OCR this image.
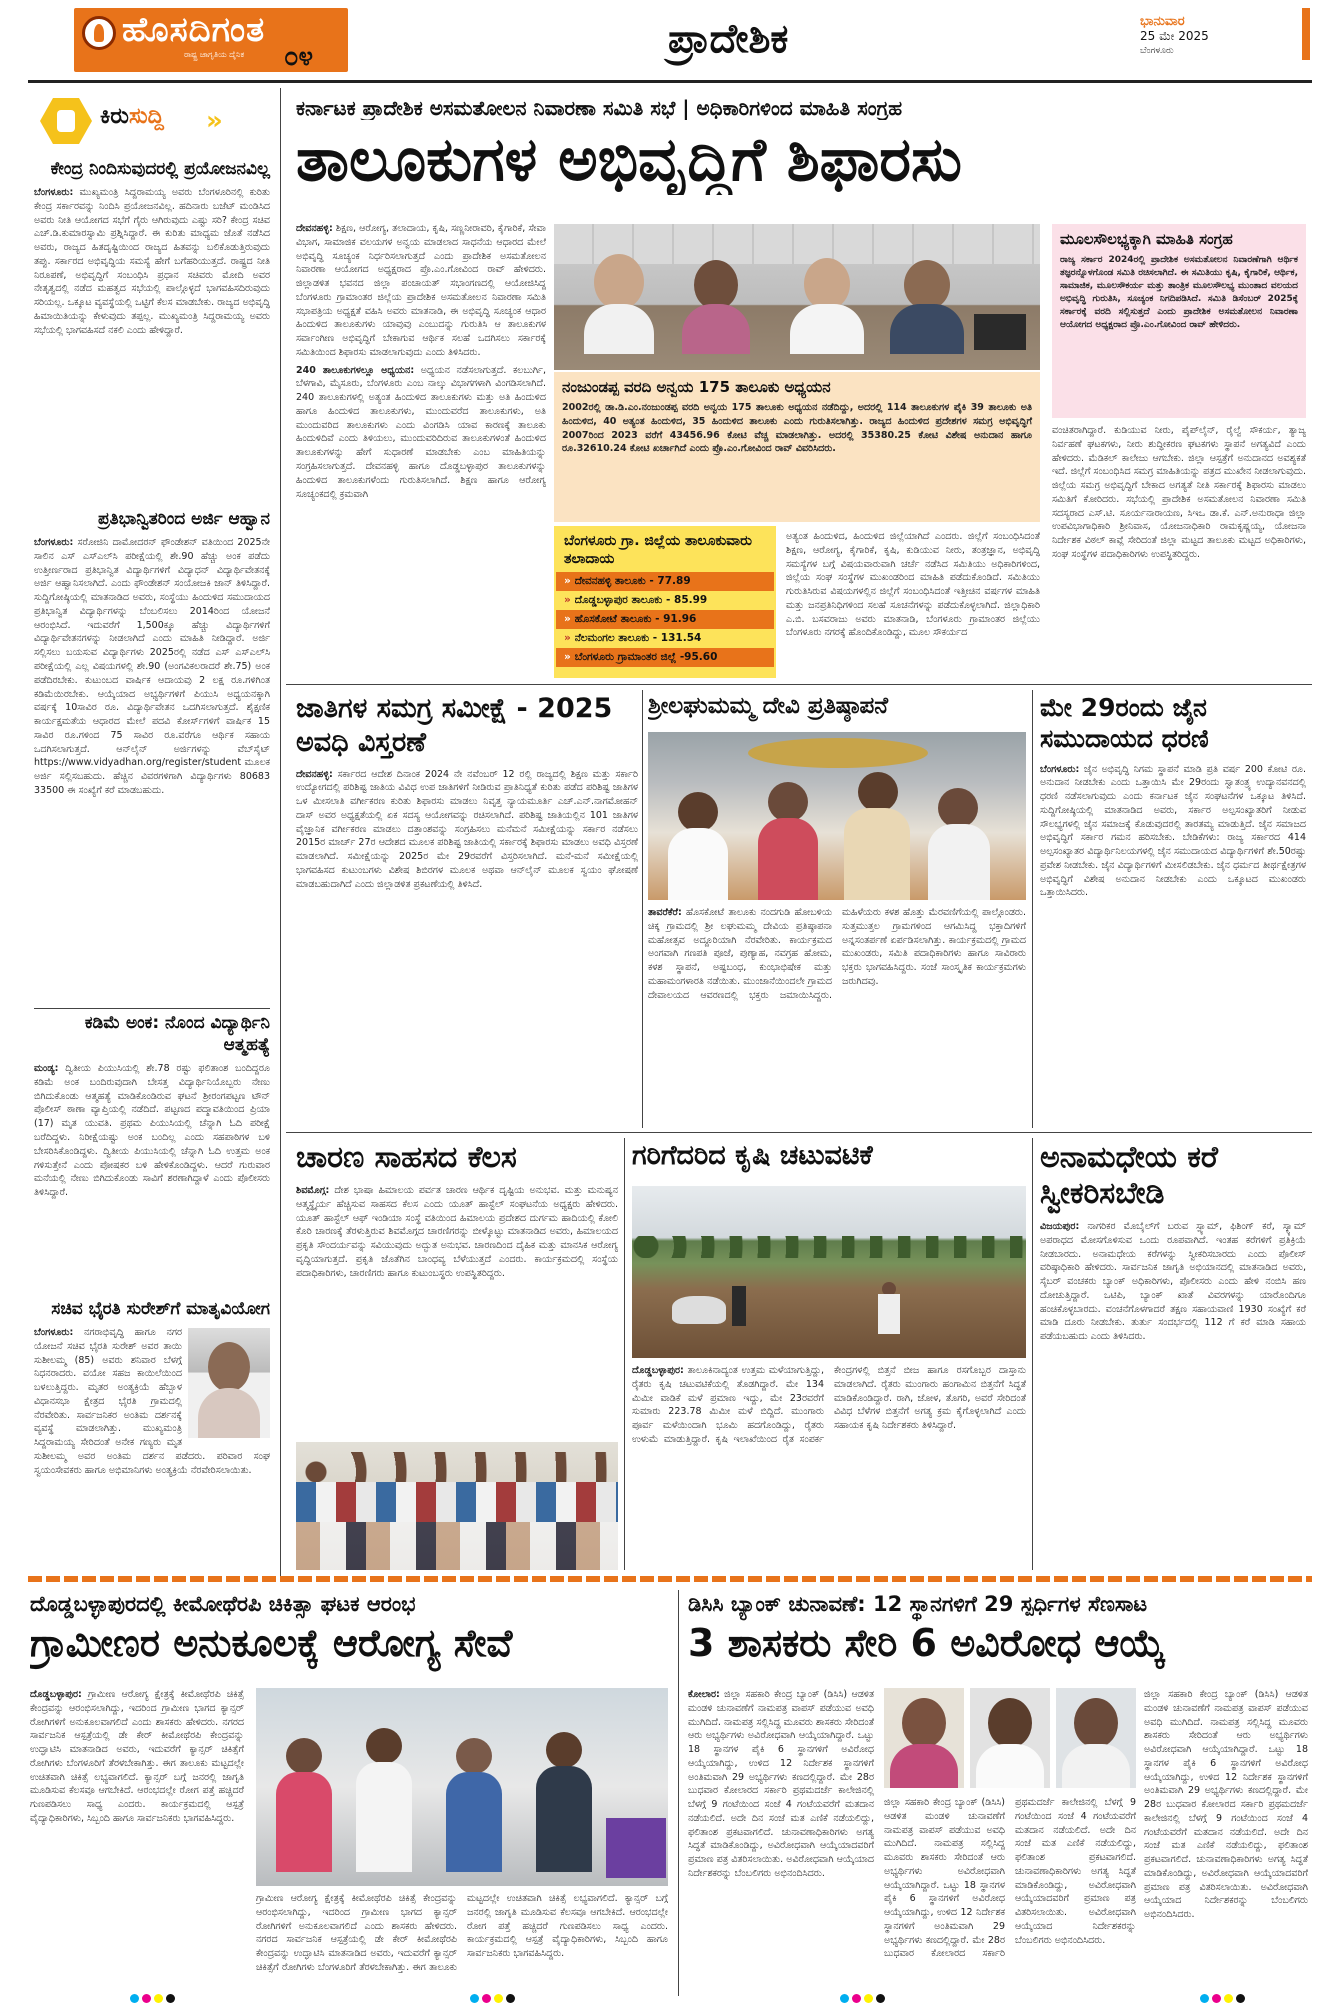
ಹೊಸದಿಗಂತ
ರಾಷ್ಟ್ರ ಜಾಗೃತಿಯ ದೈನಿಕ ೦೪	ಪ್ರಾದೇಶಿಕ	ಭಾನುವಾರ
25 ಮೇ 2025
ಬೆಂಗಳೂರು
ಕಿರುಸುದ್ದಿ »
ಕೇಂದ್ರ ನಿಂದಿಸುವುದರಲ್ಲಿ ಪ್ರಯೋಜನವಿಲ್ಲ
ಬೆಂಗಳೂರು: ಮುಖ್ಯಮಂತ್ರಿ ಸಿದ್ದರಾಮಯ್ಯ ಅವರು ಬೆಂಗಳೂರಿನಲ್ಲಿ ಕುರಿತು ಕೇಂದ್ರ ಸರ್ಕಾರವನ್ನು ನಿಂದಿಸಿ ಪ್ರಯೋಜನವಿಲ್ಲ. ಹದಿನಾರು ಬಜೆಟ್ ಮಂಡಿಸಿದ ಅವರು ನೀತಿ ಆಯೋಗದ ಸಭೆಗೆ ಗೈರು ಆಗಿರುವುದು ಎಷ್ಟು ಸರಿ? ಕೇಂದ್ರ ಸಚಿವ ಎಚ್.ಡಿ.ಕುಮಾರಸ್ವಾಮಿ ಪ್ರಶ್ನಿಸಿದ್ದಾರೆ. ಈ ಕುರಿತು ಮಾಧ್ಯಮ ಜೊತೆ ನಡೆಸಿದ ಅವರು, ರಾಜ್ಯದ ಹಿತದೃಷ್ಟಿಯಿಂದ ರಾಜ್ಯದ ಹಿತವನ್ನು ಬಲಿಕೊಡುತ್ತಿರುವುದು ತಪ್ಪು. ಸರ್ಕಾರದ ಅಭಿವೃದ್ಧಿಯ ಸಮಸ್ಯೆ ಹೇಗೆ ಬಗೆಹರಿಯುತ್ತದೆ. ರಾಷ್ಟ್ರದ ನೀತಿ ನಿರೂಪಣೆ, ಅಭಿವೃದ್ಧಿಗೆ ಸಂಬಂಧಿಸಿ ಪ್ರಧಾನ ಸಚಿವರು ಮೋದಿ ಅವರ ನೇತೃತ್ವದಲ್ಲಿ ನಡೆದ ಮಹತ್ವದ ಸಭೆಯಲ್ಲಿ ಪಾಲ್ಗೊಳ್ಳದೆ ಭಾಗವಹಿಸದಿರುವುದು ಸರಿಯಲ್ಲ. ಒಕ್ಕೂಟ ವ್ಯವಸ್ಥೆಯಲ್ಲಿ ಒಟ್ಟಿಗೆ ಕೆಲಸ ಮಾಡಬೇಕು. ರಾಜ್ಯದ ಅಭಿವೃದ್ಧಿ ಹಿಮಾಯಿತಿಯನ್ನು ಕೇಳುವುದು ತಪ್ಪಲ್ಲ. ಮುಖ್ಯಮಂತ್ರಿ ಸಿದ್ದರಾಮಯ್ಯ ಅವರು ಸಭೆಯಲ್ಲಿ ಭಾಗವಹಿಸದೆ ನಕಲಿ ಎಂದು ಹೇಳಿದ್ದಾರೆ.
ಪ್ರತಿಭಾನ್ವಿತರಿಂದ ಅರ್ಜಿ ಆಹ್ವಾನ
ಬೆಂಗಳೂರು: ಸರೋಜಿನಿ ದಾಮೋದರನ್ ಫೌಂಡೇಶನ್ ವತಿಯಿಂದ 2025ನೇ ಸಾಲಿನ ಎಸ್ ಎಸ್ಎಲ್‌ಸಿ ಪರೀಕ್ಷೆಯಲ್ಲಿ ಶೇ.90 ಹೆಚ್ಚು ಅಂಕ ಪಡೆದು ಉತ್ತೀರ್ಣರಾದ ಪ್ರತಿಭಾನ್ವಿತ ವಿದ್ಯಾರ್ಥಿಗಳಿಗೆ ವಿದ್ಯಾಧನ್ ವಿದ್ಯಾರ್ಥಿವೇತನಕ್ಕೆ ಅರ್ಜಿ ಆಹ್ವಾನಿಸಲಾಗಿದೆ. ಎಂದು ಫೌಂಡೇಶನ್ ಸಂಯೋಜಕಿ ಜಾನ್ ತಿಳಿಸಿದ್ದಾರೆ. ಸುದ್ದಿಗೋಷ್ಠಿಯಲ್ಲಿ ಮಾತನಾಡಿದ ಅವರು, ಸಂಸ್ಥೆಯು ಹಿಂದುಳಿದ ಸಮುದಾಯದ ಪ್ರತಿಭಾನ್ವಿತ ವಿದ್ಯಾರ್ಥಿಗಳನ್ನು ಬೆಂಬಲಿಸಲು 2014ರಿಂದ ಯೋಜನೆ ಆರಂಭಿಸಿದೆ. ಇದುವರೆಗೆ 1,500ಕ್ಕೂ ಹೆಚ್ಚು ವಿದ್ಯಾರ್ಥಿಗಳಿಗೆ ವಿದ್ಯಾರ್ಥಿವೇತನಗಳನ್ನು ನೀಡಲಾಗಿದೆ ಎಂದು ಮಾಹಿತಿ ನೀಡಿದ್ದಾರೆ. ಅರ್ಜಿ ಸಲ್ಲಿಸಲು ಬಯಸುವ ವಿದ್ಯಾರ್ಥಿಗಳು 2025ರಲ್ಲಿ ನಡೆದ ಎಸ್ ಎಸ್ಎಲ್‌ಸಿ ಪರೀಕ್ಷೆಯಲ್ಲಿ ಎಲ್ಲ ವಿಷಯಗಳಲ್ಲಿ ಶೇ.90 (ಅಂಗವಿಕಲರಾದರೆ ಶೇ.75) ಅಂಕ ಪಡೆದಿರಬೇಕು. ಕುಟುಂಬದ ವಾರ್ಷಿಕ ಆದಾಯವು 2 ಲಕ್ಷ ರೂ.ಗಳಿಗಿಂತ ಕಡಿಮೆಯಿರಬೇಕು. ಆಯ್ಕೆಯಾದ ಅಭ್ಯರ್ಥಿಗಳಿಗೆ ಪಿಯುಸಿ ಅಧ್ಯಯನಕ್ಕಾಗಿ ವರ್ಷಕ್ಕೆ 10ಸಾವಿರ ರೂ. ವಿದ್ಯಾರ್ಥಿವೇತನ ಒದಗಿಸಲಾಗುತ್ತದೆ. ಶೈಕ್ಷಣಿಕ ಕಾರ್ಯಕ್ಷಮತೆಯ ಆಧಾರದ ಮೇಲೆ ಪದವಿ ಕೋರ್ಸ್‌ಗಳಿಗೆ ವಾರ್ಷಿಕ 15 ಸಾವಿರ ರೂ.ಗಳಿಂದ 75 ಸಾವಿರ ರೂ.ವರೆಗೂ ಆರ್ಥಿಕ ಸಹಾಯ ಒದಗಿಸಲಾಗುತ್ತದೆ. ಆನ್‌ಲೈನ್ ಅರ್ಜಿಗಳನ್ನು ವೆಬ್‌ಸೈಟ್ https://www.vidyadhan.org/register/student ಮೂಲಕ ಅರ್ಜಿ ಸಲ್ಲಿಸಬಹುದು. ಹೆಚ್ಚಿನ ವಿವರಗಳಿಗಾಗಿ ವಿದ್ಯಾರ್ಥಿಗಳು 80683 33500 ಈ ಸಂಖ್ಯೆಗೆ ಕರೆ ಮಾಡಬಹುದು.
ಕಡಿಮೆ ಅಂಕ: ನೊಂದ ವಿದ್ಯಾರ್ಥಿನಿ ಆತ್ಮಹತ್ಯೆ
ಮಂಡ್ಯ: ದ್ವಿತೀಯ ಪಿಯುಸಿಯಲ್ಲಿ ಶೇ.78 ರಷ್ಟು ಫಲಿತಾಂಶ ಬಂದಿದ್ದರೂ ಕಡಿಮೆ ಅಂಕ ಬಂದಿರುವುದಾಗಿ ಬೇಸತ್ತ ವಿದ್ಯಾರ್ಥಿನಿಯೊಬ್ಬರು ನೇಣು ಬಿಗಿದುಕೊಂಡು ಆತ್ಮಹತ್ಯೆ ಮಾಡಿಕೊಂಡಿರುವ ಘಟನೆ ಶ್ರೀರಂಗಪಟ್ಟಣ ಟೌನ್ ಪೊಲೀಸ್ ಠಾಣಾ ವ್ಯಾಪ್ತಿಯಲ್ಲಿ ನಡೆದಿದೆ. ಪಟ್ಟಣದ ಪದ್ಮಾವತಿಯಿಂದ ಪ್ರಿಯಾ (17) ಮೃತ ಯುವತಿ. ಪ್ರಥಮ ಪಿಯುಸಿಯಲ್ಲಿ ಚೆನ್ನಾಗಿ ಓದಿ ಪರೀಕ್ಷೆ ಬರೆದಿದ್ದಳು. ನಿರೀಕ್ಷೆಯಷ್ಟು ಅಂಕ ಬಂದಿಲ್ಲ ಎಂದು ಸಹಪಾಠಿಗಳ ಬಳಿ ಬೇಸರಿಸಿಕೊಂಡಿದ್ದಳು. ದ್ವಿತೀಯ ಪಿಯುಸಿಯಲ್ಲಿ ಚೆನ್ನಾಗಿ ಓದಿ ಉತ್ತಮ ಅಂಕ ಗಳಿಸುತ್ತೇನೆ ಎಂದು ಪೋಷಕರ ಬಳಿ ಹೇಳಿಕೊಂಡಿದ್ದಳು. ಆದರೆ ಗುರುವಾರ ಮನೆಯಲ್ಲಿ ನೇಣು ಬಿಗಿದುಕೊಂಡು ಸಾವಿಗೆ ಶರಣಾಗಿದ್ದಾಳೆ ಎಂದು ಪೊಲೀಸರು ತಿಳಿಸಿದ್ದಾರೆ.
ಸಚಿವ ಭೈರತಿ ಸುರೇಶ್‌ಗೆ ಮಾತೃವಿಯೋಗ
ಬೆಂಗಳೂರು: ನಗರಾಭಿವೃದ್ಧಿ ಹಾಗೂ ನಗರ ಯೋಜನೆ ಸಚಿವ ಭೈರತಿ ಸುರೇಶ್ ಅವರ ತಾಯಿ ಸುಶೀಲಮ್ಮ (85) ಅವರು ಶನಿವಾರ ಬೆಳಗ್ಗೆ ನಿಧನರಾದರು. ವಯೋ ಸಹಜ ಕಾಯಿಲೆಯಿಂದ ಬಳಲುತ್ತಿದ್ದರು. ಮೃತರ ಅಂತ್ಯಕ್ರಿಯೆ ಹೆಬ್ಬಾಳ ವಿಧಾನಸಭಾ ಕ್ಷೇತ್ರದ ಭೈರತಿ ಗ್ರಾಮದಲ್ಲಿ ನೆರವೇರಿತು. ಸಾರ್ವಜನಿಕರ ಅಂತಿಮ ದರ್ಶನಕ್ಕೆ ವ್ಯವಸ್ಥೆ ಮಾಡಲಾಗಿತ್ತು. ಮುಖ್ಯಮಂತ್ರಿ ಸಿದ್ದರಾಮಯ್ಯ ಸೇರಿದಂತೆ ಅನೇಕ ಗಣ್ಯರು ಮೃತ ಸುಶೀಲಮ್ಮ ಅವರ ಅಂತಿಮ ದರ್ಶನ ಪಡೆದರು. ಪರಿವಾರ ಸಂಘ ಸ್ವಯಂಸೇವಕರು ಹಾಗೂ ಅಭಿಮಾನಿಗಳು ಅಂತ್ಯಕ್ರಿಯೆ ನೆರವೇರಿಸಲಾಯಿತು.
ಕರ್ನಾಟಕ ಪ್ರಾದೇಶಿಕ ಅಸಮತೋಲನ ನಿವಾರಣಾ ಸಮಿತಿ ಸಭೆ | ಅಧಿಕಾರಿಗಳಿಂದ ಮಾಹಿತಿ ಸಂಗ್ರಹ
ತಾಲೂಕುಗಳ ಅಭಿವೃದ್ಧಿಗೆ ಶಿಫಾರಸು
ದೇವನಹಳ್ಳಿ: ಶಿಕ್ಷಣ, ಆರೋಗ್ಯ, ತಲಾದಾಯ, ಕೃಷಿ, ಸಣ್ಣನೀರಾವರಿ, ಕೈಗಾರಿಕೆ, ಸೇವಾ ವಿಭಾಗ, ಸಾಮಾಜಿಕ ವಲಯಗಳ ಅನ್ವಯ ಮಾಡಲಾದ ಸಾಧನೆಯ ಆಧಾರದ ಮೇಲೆ ಅಭಿವೃದ್ಧಿ ಸೂಚ್ಯಂಕ ನಿರ್ಧರಿಸಲಾಗುತ್ತದೆ ಎಂದು ಪ್ರಾದೇಶಿಕ ಅಸಮತೋಲನ ನಿವಾರಣಾ ಆಯೋಗದ ಅಧ್ಯಕ್ಷರಾದ ಪ್ರೊ.ಎಂ.ಗೋವಿಂದ ರಾವ್ ಹೇಳಿದರು. ಜಿಲ್ಲಾಡಳಿತ ಭವನದ ಜಿಲ್ಲಾ ಪಂಚಾಯತ್ ಸಭಾಂಗಣದಲ್ಲಿ ಆಯೋಜಿಸಿದ್ದ ಬೆಂಗಳೂರು ಗ್ರಾಮಾಂತರ ಜಿಲ್ಲೆಯ ಪ್ರಾದೇಶಿಕ ಅಸಮತೋಲನ ನಿವಾರಣಾ ಸಮಿತಿ ಸಭಾಪತ್ರಿಯ ಅಧ್ಯಕ್ಷತೆ ವಹಿಸಿ ಅವರು ಮಾತನಾಡಿ, ಈ ಅಭಿವೃದ್ಧಿ ಸೂಚ್ಯಂಕ ಆಧಾರ ಹಿಂದುಳಿದ ತಾಲೂಕುಗಳು ಯಾವುವು ಎಂಬುದನ್ನು ಗುರುತಿಸಿ ಆ ತಾಲೂಕುಗಳ ಸರ್ವಾಂಗೀಣ ಅಭಿವೃದ್ಧಿಗೆ ಬೇಕಾಗುವ ಆರ್ಥಿಕ ಸಲಹೆ ಒದಗಿಸಲು ಸರ್ಕಾರಕ್ಕೆ ಸಮಿತಿಯಿಂದ ಶಿಫಾರಸು ಮಾಡಲಾಗುವುದು ಎಂದು ತಿಳಿಸಿದರು.
240 ತಾಲೂಕುಗಳಲ್ಲೂ ಅಧ್ಯಯನ: ಅಧ್ಯಯನ ನಡೆಸಲಾಗುತ್ತದೆ. ಕಲಬುರ್ಗಿ, ಬೆಳಗಾವಿ, ಮೈಸೂರು, ಬೆಂಗಳೂರು ಎಂಬ ನಾಲ್ಕು ವಿಭಾಗಗಳಾಗಿ ವಿಂಗಡಿಸಲಾಗಿದೆ. 240 ತಾಲೂಕುಗಳಲ್ಲಿ ಅತ್ಯಂತ ಹಿಂದುಳಿದ ತಾಲೂಕುಗಳು ಮತ್ತು ಅತಿ ಹಿಂದುಳಿದ ಹಾಗೂ ಹಿಂದುಳಿದ ತಾಲೂಕುಗಳು, ಮುಂದುವರೆದ ತಾಲೂಕುಗಳು, ಅತಿ ಮುಂದುವರಿದ ತಾಲೂಕುಗಳು ಎಂದು ವಿಂಗಡಿಸಿ ಯಾವ ಕಾರಣಕ್ಕೆ ತಾಲೂಕು ಹಿಂದುಳಿದಿವೆ ಎಂದು ತಿಳಿಯಲು, ಮುಂದುವರಿದಿರುವ ತಾಲೂಕುಗಳಂತೆ ಹಿಂದುಳಿದ ತಾಲೂಕುಗಳನ್ನು ಹೇಗೆ ಸುಧಾರಣೆ ಮಾಡಬೇಕು ಎಂಬ ಮಾಹಿತಿಯನ್ನು ಸಂಗ್ರಹಿಸಲಾಗುತ್ತದೆ. ದೇವನಹಳ್ಳಿ ಹಾಗೂ ದೊಡ್ಡಬಳ್ಳಾಪುರ ತಾಲೂಕುಗಳನ್ನು ಹಿಂದುಳಿದ ತಾಲೂಕುಗಳೆಂದು ಗುರುತಿಸಲಾಗಿದೆ. ಶಿಕ್ಷಣ ಹಾಗೂ ಆರೋಗ್ಯ ಸೂಚ್ಯಂಕದಲ್ಲಿ ಕ್ರಮವಾಗಿ
ನಂಜುಂಡಪ್ಪ ವರದಿ ಅನ್ವಯ 175 ತಾಲೂಕು ಅಧ್ಯಯನ
2002ರಲ್ಲಿ ಡಾ.ಡಿ.ಎಂ.ನಂಜುಂಡಪ್ಪ ವರದಿ ಅನ್ವಯ 175 ತಾಲೂಕು ಅಧ್ಯಯನ ನಡೆದಿದ್ದು, ಅದರಲ್ಲಿ 114 ತಾಲೂಕುಗಳ ಪೈಕಿ 39 ತಾಲೂಕು ಅತಿ ಹಿಂದುಳಿದ, 40 ಅತ್ಯಂತ ಹಿಂದುಳಿದ, 35 ಹಿಂದುಳಿದ ತಾಲೂಕು ಎಂದು ಗುರುತಿಸಲಾಗಿತ್ತು. ರಾಜ್ಯದ ಹಿಂದುಳಿದ ಪ್ರದೇಶಗಳ ಸಮಗ್ರ ಅಭಿವೃದ್ಧಿಗೆ 2007ರಿಂದ 2023 ವರೆಗೆ 43456.96 ಕೋಟಿ ವೆಚ್ಚ ಮಾಡಲಾಗಿತ್ತು. ಅದರಲ್ಲಿ 35380.25 ಕೋಟಿ ವಿಶೇಷ ಅನುದಾನ ಹಾಗೂ ರೂ.32610.24 ಕೋಟಿ ಖರ್ಚಾಗಿದೆ ಎಂದು ಪ್ರೊ.ಎಂ.ಗೋವಿಂದ ರಾವ್ ವಿವರಿಸಿದರು.
ಬೆಂಗಳೂರು ಗ್ರಾ. ಜಿಲ್ಲೆಯ ತಾಲೂಕುವಾರು ತಲಾದಾಯ
» ದೇವನಹಳ್ಳಿ ತಾಲೂಕು - 77.89
» ದೊಡ್ಡಬಳ್ಳಾಪುರ ತಾಲೂಕು - 85.99
» ಹೊಸಕೋಟೆ ತಾಲೂಕು - 91.96
» ನೆಲಮಂಗಲ ತಾಲೂಕು - 131.54
» ಬೆಂಗಳೂರು ಗ್ರಾಮಾಂತರ ಜಿಲ್ಲೆ -95.60
ಅತ್ಯಂತ ಹಿಂದುಳಿದ, ಹಿಂದುಳಿದ ಜಿಲ್ಲೆಯಾಗಿದೆ ಎಂದರು. ಜಿಲ್ಲೆಗೆ ಸಂಬಂಧಿಸಿದಂತೆ ಶಿಕ್ಷಣ, ಆರೋಗ್ಯ, ಕೈಗಾರಿಕೆ, ಕೃಷಿ, ಕುಡಿಯುವ ನೀರು, ತಂತ್ರಜ್ಞಾನ, ಅಭಿವೃದ್ಧಿ ಸಮಸ್ಯೆಗಳ ಬಗ್ಗೆ ವಿಷಯವಾರುವಾಗಿ ಚರ್ಚೆ ನಡೆಸಿದ ಸಮಿತಿಯು ಅಧಿಕಾರಿಗಳಿಂದ, ಜಿಲ್ಲೆಯ ಸಂಘ ಸಂಸ್ಥೆಗಳ ಮುಖಂಡರಿಂದ ಮಾಹಿತಿ ಪಡೆದುಕೊಂಡಿದೆ. ಸಮಿತಿಯು ಗುರುತಿಸಿರುವ ವಿಷಯಗಳಲ್ಲಿನ ಜಿಲ್ಲೆಗೆ ಸಂಬಂಧಿಸಿದಂತೆ ಇತ್ತೀಚಿನ ವರ್ಷಗಳ ಮಾಹಿತಿ ಮತ್ತು ಜನಪ್ರತಿನಿಧಿಗಳಿಂದ ಸಲಹೆ ಸೂಚನೆಗಳನ್ನು ಪಡೆದುಕೊಳ್ಳಲಾಗಿದೆ. ಜಿಲ್ಲಾಧಿಕಾರಿ ಎ.ಬಿ. ಬಸವರಾಜು ಅವರು ಮಾತನಾಡಿ, ಬೆಂಗಳೂರು ಗ್ರಾಮಾಂತರ ಜಿಲ್ಲೆಯು ಬೆಂಗಳೂರು ನಗರಕ್ಕೆ ಹೊಂದಿಕೊಂಡಿದ್ದು, ಮೂಲ ಸೌಕರ್ಯದ
ಮೂಲಸೌಲಭ್ಯಕ್ಕಾಗಿ ಮಾಹಿತಿ ಸಂಗ್ರಹ
ರಾಜ್ಯ ಸರ್ಕಾರ 2024ರಲ್ಲಿ ಪ್ರಾದೇಶಿಕ ಅಸಮತೋಲನ ನಿವಾರಣೆಗಾಗಿ ಆರ್ಥಿಕ ತಜ್ಞರನ್ನೊಳಗೊಂಡ ಸಮಿತಿ ರಚಿಸಲಾಗಿದೆ. ಈ ಸಮಿತಿಯು ಕೃಷಿ, ಕೈಗಾರಿಕೆ, ಆರ್ಥಿಕ, ಸಾಮಾಜಿಕ, ಮೂಲಸೌಕರ್ಯ ಮತ್ತು ತಾಂತ್ರಿಕ ಮೂಲಸೌಲಭ್ಯ ಮುಂತಾದ ವಲಯದ ಅಭಿವೃದ್ಧಿ ಗುರುತಿಸಿ, ಸೂಚ್ಯಂಕ ನಿಗದಿಪಡಿಸಿದೆ. ಸಮಿತಿ ಡಿಸೆಂಬರ್ 2025ಕ್ಕೆ ಸರ್ಕಾರಕ್ಕೆ ವರದಿ ಸಲ್ಲಿಸುತ್ತದೆ ಎಂದು ಪ್ರಾದೇಶಿಕ ಅಸಮತೋಲನ ನಿವಾರಣಾ ಆಯೋಗದ ಅಧ್ಯಕ್ಷರಾದ ಪ್ರೊ.ಎಂ.ಗೋವಿಂದ ರಾವ್ ಹೇಳಿದರು.
ವಂಚಿತರಾಗಿದ್ದಾರೆ. ಕುಡಿಯುವ ನೀರು, ಪೈಪ್‌ಲೈನ್, ರೈಲ್ವೆ ಸೌಕರ್ಯ, ತ್ಯಾಜ್ಯ ನಿರ್ವಹಣೆ ಘಟಕಗಳು, ನೀರು ಶುದ್ಧೀಕರಣ ಘಟಕಗಳು ಸ್ಥಾಪನೆ ಅಗತ್ಯವಿದೆ ಎಂದು ಹೇಳಿದರು. ಮೆಡಿಕಲ್ ಕಾಲೇಜು ಆಗಬೇಕು. ಜಿಲ್ಲಾ ಆಸ್ಪತ್ರೆಗೆ ಅನುದಾನದ ಅವಶ್ಯಕತೆ ಇದೆ. ಜಿಲ್ಲೆಗೆ ಸಂಬಂಧಿಸಿದ ಸಮಗ್ರ ಮಾಹಿತಿಯನ್ನು ಪತ್ರದ ಮುಖೇನ ನೀಡಲಾಗುವುದು. ಜಿಲ್ಲೆಯ ಸಮಗ್ರ ಅಭಿವೃದ್ಧಿಗೆ ಬೇಕಾದ ಅಗತ್ಯತೆ ನೀತಿ ಸರ್ಕಾರಕ್ಕೆ ಶಿಫಾರಸು ಮಾಡಲು ಸಮಿತಿಗೆ ಕೋರಿದರು. ಸಭೆಯಲ್ಲಿ ಪ್ರಾದೇಶಿಕ ಅಸಮತೋಲನ ನಿವಾರಣಾ ಸಮಿತಿ ಸದಸ್ಯರಾದ ಎಸ್.ಟಿ. ಸೂರ್ಯನಾರಾಯಣ, ಸಿಇಒ ಡಾ.ಕೆ. ಎನ್.ಅನುರಾಧಾ ಜಿಲ್ಲಾ ಉಪವಿಭಾಗಾಧಿಕಾರಿ ಶ್ರೀನಿವಾಸ, ಯೋಜನಾಧಿಕಾರಿ ರಾಮಕೃಷ್ಣಯ್ಯ, ಯೋಜನಾ ನಿರ್ದೇಶಕ ವಿಠಲ್ ಕಾವ್ಲೆ ಸೇರಿದಂತೆ ಜಿಲ್ಲಾ ಮಟ್ಟದ ತಾಲೂಕು ಮಟ್ಟದ ಅಧಿಕಾರಿಗಳು, ಸಂಘ ಸಂಸ್ಥೆಗಳ ಪದಾಧಿಕಾರಿಗಳು ಉಪಸ್ಥಿತರಿದ್ದರು.
ಜಾತಿಗಳ ಸಮಗ್ರ ಸಮೀಕ್ಷೆ - 2025 ಅವಧಿ ವಿಸ್ತರಣೆ
ದೇವನಹಳ್ಳಿ: ಸರ್ಕಾರದ ಆದೇಶ ದಿನಾಂಕ 2024 ನೇ ನವೆಂಬರ್ 12 ರಲ್ಲಿ ರಾಜ್ಯದಲ್ಲಿ ಶಿಕ್ಷಣ ಮತ್ತು ಸರ್ಕಾರಿ ಉದ್ಯೋಗದಲ್ಲಿ ಪರಿಶಿಷ್ಟ ಜಾತಿಯ ವಿವಿಧ ಉಪ ಜಾತಿಗಳಿಗೆ ನೀಡಿರುವ ಪ್ರಾತಿನಿಧ್ಯತೆ ಕುರಿತು ಪಡೆದ ಪರಿಶಿಷ್ಟ ಜಾತಿಗಳ ಒಳ ಮೀಸಲಾತಿ ವರ್ಗೀಕರಣ ಕುರಿತು ಶಿಫಾರಸು ಮಾಡಲು ನಿವೃತ್ತ ನ್ಯಾಯಮೂರ್ತಿ ಎಚ್.ಎನ್.ನಾಗಮೋಹನ್ ದಾಸ್ ಅವರ ಅಧ್ಯಕ್ಷತೆಯಲ್ಲಿ ಏಕ ಸದಸ್ಯ ಆಯೋಗವನ್ನು ರಚಿಸಲಾಗಿದೆ. ಪರಿಶಿಷ್ಟ ಜಾತಿಯಲ್ಲಿನ 101 ಜಾತಿಗಳ ವೈಜ್ಞಾನಿಕ ವರ್ಗೀಕರಣ ಮಾಡಲು ದತ್ತಾಂಶವನ್ನು ಸಂಗ್ರಹಿಸಲು ಮನೆಮನೆ ಸಮೀಕ್ಷೆಯನ್ನು ಸರ್ಕಾರ ನಡೆಸಲು 2015ರ ಮಾರ್ಚ್ 27ರ ಆದೇಶದ ಮೂಲಕ ಪರಿಶಿಷ್ಟ ಜಾತಿಯಲ್ಲಿ ಸರ್ಕಾರಕ್ಕೆ ಶಿಫಾರಸು ಮಾಡಲು ಅವಧಿ ವಿಸ್ತರಣೆ ಮಾಡಲಾಗಿದೆ. ಸಮೀಕ್ಷೆಯನ್ನು 2025ರ ಮೇ 29ರವರೆಗೆ ವಿಸ್ತರಿಸಲಾಗಿದೆ. ಮನೆ-ಮನೆ ಸಮೀಕ್ಷೆಯಲ್ಲಿ ಭಾಗವಹಿಸದ ಕುಟುಂಬಗಳು ವಿಶೇಷ ಶಿಬಿರಗಳ ಮೂಲಕ ಅಥವಾ ಆನ್‌ಲೈನ್ ಮೂಲಕ ಸ್ವಯಂ ಘೋಷಣೆ ಮಾಡಬಹುದಾಗಿದೆ ಎಂದು ಜಿಲ್ಲಾಡಳಿತ ಪ್ರಕಟಣೆಯಲ್ಲಿ ತಿಳಿಸಿದೆ.
ಶ್ರೀಲಘುಮಮ್ಮ ದೇವಿ ಪ್ರತಿಷ್ಠಾಪನೆ
ತಾವರೆಕೆರೆ: ಹೊಸಕೋಟೆ ತಾಲೂಕು ನಂದಗುಡಿ ಹೋಬಳಿಯ ಚಿಕ್ಕ ಗ್ರಾಮದಲ್ಲಿ ಶ್ರೀ ಲಘುಮಮ್ಮ ದೇವಿಯ ಪ್ರತಿಷ್ಠಾಪನಾ ಮಹೋತ್ಸವ ಅದ್ದೂರಿಯಾಗಿ ನೆರವೇರಿತು. ಕಾರ್ಯಕ್ರಮದ ಅಂಗವಾಗಿ ಗಣಪತಿ ಪೂಜೆ, ಪುಣ್ಯಾಹ, ನವಗ್ರಹ ಹೋಮ, ಕಳಶ ಸ್ಥಾಪನೆ, ಅಷ್ಟಬಂಧ, ಕುಂಭಾಭಿಷೇಕ ಮತ್ತು ಮಹಾಮಂಗಳಾರತಿ ನಡೆಯಿತು. ಮುಂಜಾನೆಯಿಂದಲೇ ಗ್ರಾಮದ ದೇವಾಲಯದ ಆವರಣದಲ್ಲಿ ಭಕ್ತರು ಜಮಾಯಿಸಿದ್ದರು. ಮಹಿಳೆಯರು ಕಳಶ ಹೊತ್ತು ಮೆರವಣಿಗೆಯಲ್ಲಿ ಪಾಲ್ಗೊಂಡರು. ಸುತ್ತಮುತ್ತಲ ಗ್ರಾಮಗಳಿಂದ ಆಗಮಿಸಿದ್ದ ಭಕ್ತಾದಿಗಳಿಗೆ ಅನ್ನಸಂತರ್ಪಣೆ ಏರ್ಪಡಿಸಲಾಗಿತ್ತು. ಕಾರ್ಯಕ್ರಮದಲ್ಲಿ ಗ್ರಾಮದ ಮುಖಂಡರು, ಸಮಿತಿ ಪದಾಧಿಕಾರಿಗಳು ಹಾಗೂ ಸಾವಿರಾರು ಭಕ್ತರು ಭಾಗವಹಿಸಿದ್ದರು. ಸಂಜೆ ಸಾಂಸ್ಕೃತಿಕ ಕಾರ್ಯಕ್ರಮಗಳು ಜರುಗಿದವು.
ಮೇ 29ರಂದು ಜೈನ ಸಮುದಾಯದ ಧರಣಿ
ಬೆಂಗಳೂರು: ಜೈನ ಅಭಿವೃದ್ಧಿ ನಿಗಮ ಸ್ಥಾಪನೆ ಮಾಡಿ ಪ್ರತಿ ವರ್ಷ 200 ಕೋಟಿ ರೂ. ಅನುದಾನ ನೀಡಬೇಕು ಎಂದು ಒತ್ತಾಯಿಸಿ ಮೇ 29ರಂದು ಸ್ವಾತಂತ್ರ್ಯ ಉದ್ಯಾನವನದಲ್ಲಿ ಧರಣಿ ನಡೆಸಲಾಗುವುದು ಎಂದು ಕರ್ನಾಟಕ ಜೈನ ಸಂಘಟನೆಗಳ ಒಕ್ಕೂಟ ತಿಳಿಸಿದೆ. ಸುದ್ದಿಗೋಷ್ಠಿಯಲ್ಲಿ ಮಾತನಾಡಿದ ಅವರು, ಸರ್ಕಾರ ಅಲ್ಪಸಂಖ್ಯಾತರಿಗೆ ನೀಡುವ ಸೌಲಭ್ಯಗಳಲ್ಲಿ ಜೈನ ಸಮಾಜಕ್ಕೆ ಕೊಡುವುದರಲ್ಲಿ ತಾರತಮ್ಯ ಮಾಡುತ್ತಿದೆ. ಜೈನ ಸಮಾಜದ ಅಭಿವೃದ್ಧಿಗೆ ಸರ್ಕಾರ ಗಮನ ಹರಿಸಬೇಕು. ಬೇಡಿಕೆಗಳು: ರಾಜ್ಯ ಸರ್ಕಾರದ 414 ಅಲ್ಪಸಂಖ್ಯಾತರ ವಿದ್ಯಾರ್ಥಿನಿಲಯಗಳಲ್ಲಿ ಜೈನ ಸಮುದಾಯದ ವಿದ್ಯಾರ್ಥಿಗಳಿಗೆ ಶೇ.50ರಷ್ಟು ಪ್ರವೇಶ ನೀಡಬೇಕು. ಜೈನ ವಿದ್ಯಾರ್ಥಿಗಳಿಗೆ ಮೀಸಲಿಡಬೇಕು. ಜೈನ ಧರ್ಮದ ತೀರ್ಥಕ್ಷೇತ್ರಗಳ ಅಭಿವೃದ್ಧಿಗೆ ವಿಶೇಷ ಅನುದಾನ ನೀಡಬೇಕು ಎಂದು ಒಕ್ಕೂಟದ ಮುಖಂಡರು ಒತ್ತಾಯಿಸಿದರು.
ಚಾರಣ ಸಾಹಸದ ಕೆಲಸ
ಶಿವಮೊಗ್ಗ: ದೇಶ ಭಾಷಾ ಹಿಮಾಲಯ ಪರ್ವತ ಚಾರಣ ಆರ್ಥಿಕ ದೃಷ್ಟಿಯ ಅನುಭವ. ಮತ್ತು ಮನುಷ್ಯನ ಆತ್ಮಸ್ಥೈರ್ಯ ಹೆಚ್ಚಿಸುವ ಸಾಹಸದ ಕೆಲಸ ಎಂದು ಯೂತ್ ಹಾಸ್ಟೆಲ್ ಸಂಘಟನೆಯ ಅಧ್ಯಕ್ಷರು ಹೇಳಿದರು. ಯೂತ್ ಹಾಸ್ಟೆಲ್ ಆಫ್ ಇಂಡಿಯಾ ಸಂಸ್ಥೆ ವತಿಯಿಂದ ಹಿಮಾಲಯ ಪ್ರದೇಶದ ದುರ್ಗಮ ಹಾದಿಯಲ್ಲಿ ಕೋಲಿ ಕೊರಿ ಚಾರಣಕ್ಕೆ ತೆರಳುತ್ತಿರುವ ಶಿವಮೊಗ್ಗದ ಚಾರಣಿಗರನ್ನು ಬೀಳ್ಕೊಟ್ಟು ಮಾತನಾಡಿದ ಅವರು, ಹಿಮಾಲಯದ ಪ್ರಕೃತಿ ಸೌಂದರ್ಯವನ್ನು ಸವಿಯುವುದು ಅದ್ಭುತ ಅನುಭವ. ಚಾರಣದಿಂದ ದೈಹಿಕ ಮತ್ತು ಮಾನಸಿಕ ಆರೋಗ್ಯ ವೃದ್ಧಿಯಾಗುತ್ತದೆ. ಪ್ರಕೃತಿ ಜೊತೆಗಿನ ಬಾಂಧವ್ಯ ಬೆಳೆಯುತ್ತದೆ ಎಂದರು. ಕಾರ್ಯಕ್ರಮದಲ್ಲಿ ಸಂಸ್ಥೆಯ ಪದಾಧಿಕಾರಿಗಳು, ಚಾರಣಿಗರು ಹಾಗೂ ಕುಟುಂಬಸ್ಥರು ಉಪಸ್ಥಿತರಿದ್ದರು.
ಗರಿಗೆದರಿದ ಕೃಷಿ ಚಟುವಟಿಕೆ
ದೊಡ್ಡಬಳ್ಳಾಪುರ: ತಾಲೂಕಿನಾದ್ಯಂತ ಉತ್ತಮ ಮಳೆಯಾಗುತ್ತಿದ್ದು, ರೈತರು ಕೃಷಿ ಚಟುವಟಿಕೆಯಲ್ಲಿ ತೊಡಗಿದ್ದಾರೆ. ಮೇ 134 ಮಿಮೀ ವಾಡಿಕೆ ಮಳೆ ಪ್ರಮಾಣ ಇದ್ದು, ಮೇ 23ರವರೆಗೆ ಸುಮಾರು 223.78 ಮಿಮೀ ಮಳೆ ಬಿದ್ದಿದೆ. ಮುಂಗಾರು ಪೂರ್ವ ಮಳೆಯಿಂದಾಗಿ ಭೂಮಿ ಹದಗೊಂಡಿದ್ದು, ರೈತರು ಉಳುಮೆ ಮಾಡುತ್ತಿದ್ದಾರೆ. ಕೃಷಿ ಇಲಾಖೆಯಿಂದ ರೈತ ಸಂಪರ್ಕ ಕೇಂದ್ರಗಳಲ್ಲಿ ಬಿತ್ತನೆ ಬೀಜ ಹಾಗೂ ರಸಗೊಬ್ಬರ ದಾಸ್ತಾನು ಮಾಡಲಾಗಿದೆ. ರೈತರು ಮುಂಗಾರು ಹಂಗಾಮಿನ ಬಿತ್ತನೆಗೆ ಸಿದ್ಧತೆ ಮಾಡಿಕೊಂಡಿದ್ದಾರೆ. ರಾಗಿ, ಜೋಳ, ತೊಗರಿ, ಅವರೆ ಸೇರಿದಂತೆ ವಿವಿಧ ಬೆಳೆಗಳ ಬಿತ್ತನೆಗೆ ಅಗತ್ಯ ಕ್ರಮ ಕೈಗೊಳ್ಳಲಾಗಿದೆ ಎಂದು ಸಹಾಯಕ ಕೃಷಿ ನಿರ್ದೇಶಕರು ತಿಳಿಸಿದ್ದಾರೆ.
ಅನಾಮಧೇಯ ಕರೆ ಸ್ವೀಕರಿಸಬೇಡಿ
ವಿಜಯಪುರ: ನಾಗರಿಕರ ಮೊಬೈಲ್‌ಗೆ ಬರುವ ಸ್ಪ್ಯಾಮ್, ಫಿಶಿಂಗ್ ಕರೆ, ಸ್ಕ್ಯಾಮ್ ಅಪರಾಧದ ಮೋಸಗೊಳಿಸುವ ಒಂದು ರೂಪವಾಗಿದೆ. ಇಂತಹ ಕರೆಗಳಿಗೆ ಪ್ರತಿಕ್ರಿಯೆ ನೀಡಬಾರದು. ಅನಾಮಧೇಯ ಕರೆಗಳನ್ನು ಸ್ವೀಕರಿಸಬಾರದು ಎಂದು ಪೊಲೀಸ್ ವರಿಷ್ಠಾಧಿಕಾರಿ ಹೇಳಿದರು. ಸಾರ್ವಜನಿಕ ಜಾಗೃತಿ ಅಭಿಯಾನದಲ್ಲಿ ಮಾತನಾಡಿದ ಅವರು, ಸೈಬರ್ ವಂಚಕರು ಬ್ಯಾಂಕ್ ಅಧಿಕಾರಿಗಳು, ಪೊಲೀಸರು ಎಂದು ಹೇಳಿ ನಂಬಿಸಿ ಹಣ ದೋಚುತ್ತಿದ್ದಾರೆ. ಒಟಿಪಿ, ಬ್ಯಾಂಕ್ ಖಾತೆ ವಿವರಗಳನ್ನು ಯಾರೊಂದಿಗೂ ಹಂಚಿಕೊಳ್ಳಬಾರದು. ವಂಚನೆಗೊಳಗಾದರೆ ತಕ್ಷಣ ಸಹಾಯವಾಣಿ 1930 ಸಂಖ್ಯೆಗೆ ಕರೆ ಮಾಡಿ ದೂರು ನೀಡಬೇಕು. ತುರ್ತು ಸಂದರ್ಭದಲ್ಲಿ 112 ಗೆ ಕರೆ ಮಾಡಿ ಸಹಾಯ ಪಡೆಯಬಹುದು ಎಂದು ತಿಳಿಸಿದರು.
ದೊಡ್ಡಬಳ್ಳಾಪುರದಲ್ಲಿ ಕೀಮೋಥೆರಪಿ ಚಿಕಿತ್ಸಾ ಘಟಕ ಆರಂಭ
ಗ್ರಾಮೀಣರ ಅನುಕೂಲಕ್ಕೆ ಆರೋಗ್ಯ ಸೇವೆ
ದೊಡ್ಡಬಳ್ಳಾಪುರ: ಗ್ರಾಮೀಣ ಆರೋಗ್ಯ ಕ್ಷೇತ್ರಕ್ಕೆ ಕೀಮೋಥೆರಪಿ ಚಿಕಿತ್ಸೆ ಕೇಂದ್ರವನ್ನು ಆರಂಭಿಸಲಾಗಿದ್ದು, ಇದರಿಂದ ಗ್ರಾಮೀಣ ಭಾಗದ ಕ್ಯಾನ್ಸರ್ ರೋಗಿಗಳಿಗೆ ಅನುಕೂಲವಾಗಲಿದೆ ಎಂದು ಶಾಸಕರು ಹೇಳಿದರು. ನಗರದ ಸಾರ್ವಜನಿಕ ಆಸ್ಪತ್ರೆಯಲ್ಲಿ ಡೇ ಕೇರ್ ಕೀಮೋಥೆರಪಿ ಕೇಂದ್ರವನ್ನು ಉದ್ಘಾಟಿಸಿ ಮಾತನಾಡಿದ ಅವರು, ಇದುವರೆಗೆ ಕ್ಯಾನ್ಸರ್ ಚಿಕಿತ್ಸೆಗೆ ರೋಗಿಗಳು ಬೆಂಗಳೂರಿಗೆ ತೆರಳಬೇಕಾಗಿತ್ತು. ಈಗ ತಾಲೂಕು ಮಟ್ಟದಲ್ಲೇ ಉಚಿತವಾಗಿ ಚಿಕಿತ್ಸೆ ಲಭ್ಯವಾಗಲಿದೆ. ಕ್ಯಾನ್ಸರ್ ಬಗ್ಗೆ ಜನರಲ್ಲಿ ಜಾಗೃತಿ ಮೂಡಿಸುವ ಕೆಲಸವೂ ಆಗಬೇಕಿದೆ. ಆರಂಭದಲ್ಲೇ ರೋಗ ಪತ್ತೆ ಹಚ್ಚಿದರೆ ಗುಣಪಡಿಸಲು ಸಾಧ್ಯ ಎಂದರು. ಕಾರ್ಯಕ್ರಮದಲ್ಲಿ ಆಸ್ಪತ್ರೆ ವೈದ್ಯಾಧಿಕಾರಿಗಳು, ಸಿಬ್ಬಂದಿ ಹಾಗೂ ಸಾರ್ವಜನಿಕರು ಭಾಗವಹಿಸಿದ್ದರು.
ಗ್ರಾಮೀಣ ಆರೋಗ್ಯ ಕ್ಷೇತ್ರಕ್ಕೆ ಕೀಮೋಥೆರಪಿ ಚಿಕಿತ್ಸೆ ಕೇಂದ್ರವನ್ನು ಆರಂಭಿಸಲಾಗಿದ್ದು, ಇದರಿಂದ ಗ್ರಾಮೀಣ ಭಾಗದ ಕ್ಯಾನ್ಸರ್ ರೋಗಿಗಳಿಗೆ ಅನುಕೂಲವಾಗಲಿದೆ ಎಂದು ಶಾಸಕರು ಹೇಳಿದರು. ನಗರದ ಸಾರ್ವಜನಿಕ ಆಸ್ಪತ್ರೆಯಲ್ಲಿ ಡೇ ಕೇರ್ ಕೀಮೋಥೆರಪಿ ಕೇಂದ್ರವನ್ನು ಉದ್ಘಾಟಿಸಿ ಮಾತನಾಡಿದ ಅವರು, ಇದುವರೆಗೆ ಕ್ಯಾನ್ಸರ್ ಚಿಕಿತ್ಸೆಗೆ ರೋಗಿಗಳು ಬೆಂಗಳೂರಿಗೆ ತೆರಳಬೇಕಾಗಿತ್ತು. ಈಗ ತಾಲೂಕು ಮಟ್ಟದಲ್ಲೇ ಉಚಿತವಾಗಿ ಚಿಕಿತ್ಸೆ ಲಭ್ಯವಾಗಲಿದೆ. ಕ್ಯಾನ್ಸರ್ ಬಗ್ಗೆ ಜನರಲ್ಲಿ ಜಾಗೃತಿ ಮೂಡಿಸುವ ಕೆಲಸವೂ ಆಗಬೇಕಿದೆ. ಆರಂಭದಲ್ಲೇ ರೋಗ ಪತ್ತೆ ಹಚ್ಚಿದರೆ ಗುಣಪಡಿಸಲು ಸಾಧ್ಯ ಎಂದರು. ಕಾರ್ಯಕ್ರಮದಲ್ಲಿ ಆಸ್ಪತ್ರೆ ವೈದ್ಯಾಧಿಕಾರಿಗಳು, ಸಿಬ್ಬಂದಿ ಹಾಗೂ ಸಾರ್ವಜನಿಕರು ಭಾಗವಹಿಸಿದ್ದರು.
ಡಿಸಿಸಿ ಬ್ಯಾಂಕ್ ಚುನಾವಣೆ: 12 ಸ್ಥಾನಗಳಿಗೆ 29 ಸ್ಪರ್ಧಿಗಳ ಸೆಣಸಾಟ
3 ಶಾಸಕರು ಸೇರಿ 6 ಅವಿರೋಧ ಆಯ್ಕೆ
ಕೋಲಾರ: ಜಿಲ್ಲಾ ಸಹಕಾರಿ ಕೇಂದ್ರ ಬ್ಯಾಂಕ್ (ಡಿಸಿಸಿ) ಆಡಳಿತ ಮಂಡಳಿ ಚುನಾವಣೆಗೆ ನಾಮಪತ್ರ ವಾಪಸ್ ಪಡೆಯುವ ಅವಧಿ ಮುಗಿದಿದೆ. ನಾಮಪತ್ರ ಸಲ್ಲಿಸಿದ್ದ ಮೂವರು ಶಾಸಕರು ಸೇರಿದಂತೆ ಆರು ಅಭ್ಯರ್ಥಿಗಳು ಅವಿರೋಧವಾಗಿ ಆಯ್ಕೆಯಾಗಿದ್ದಾರೆ. ಒಟ್ಟು 18 ಸ್ಥಾನಗಳ ಪೈಕಿ 6 ಸ್ಥಾನಗಳಿಗೆ ಅವಿರೋಧ ಆಯ್ಕೆಯಾಗಿದ್ದು, ಉಳಿದ 12 ನಿರ್ದೇಶಕ ಸ್ಥಾನಗಳಿಗೆ ಅಂತಿಮವಾಗಿ 29 ಅಭ್ಯರ್ಥಿಗಳು ಕಣದಲ್ಲಿದ್ದಾರೆ. ಮೇ 28ರ ಬುಧವಾರ ಕೋಲಾರದ ಸರ್ಕಾರಿ ಪ್ರಥಮದರ್ಜೆ ಕಾಲೇಜಿನಲ್ಲಿ ಬೆಳಗ್ಗೆ 9 ಗಂಟೆಯಿಂದ ಸಂಜೆ 4 ಗಂಟೆಯವರೆಗೆ ಮತದಾನ ನಡೆಯಲಿದೆ. ಅದೇ ದಿನ ಸಂಜೆ ಮತ ಎಣಿಕೆ ನಡೆಯಲಿದ್ದು, ಫಲಿತಾಂಶ ಪ್ರಕಟವಾಗಲಿದೆ. ಚುನಾವಣಾಧಿಕಾರಿಗಳು ಅಗತ್ಯ ಸಿದ್ಧತೆ ಮಾಡಿಕೊಂಡಿದ್ದು, ಅವಿರೋಧವಾಗಿ ಆಯ್ಕೆಯಾದವರಿಗೆ ಪ್ರಮಾಣ ಪತ್ರ ವಿತರಿಸಲಾಯಿತು. ಅವಿರೋಧವಾಗಿ ಆಯ್ಕೆಯಾದ ನಿರ್ದೇಶಕರನ್ನು ಬೆಂಬಲಿಗರು ಅಭಿನಂದಿಸಿದರು.
ಜಿಲ್ಲಾ ಸಹಕಾರಿ ಕೇಂದ್ರ ಬ್ಯಾಂಕ್ (ಡಿಸಿಸಿ) ಆಡಳಿತ ಮಂಡಳಿ ಚುನಾವಣೆಗೆ ನಾಮಪತ್ರ ವಾಪಸ್ ಪಡೆಯುವ ಅವಧಿ ಮುಗಿದಿದೆ. ನಾಮಪತ್ರ ಸಲ್ಲಿಸಿದ್ದ ಮೂವರು ಶಾಸಕರು ಸೇರಿದಂತೆ ಆರು ಅಭ್ಯರ್ಥಿಗಳು ಅವಿರೋಧವಾಗಿ ಆಯ್ಕೆಯಾಗಿದ್ದಾರೆ. ಒಟ್ಟು 18 ಸ್ಥಾನಗಳ ಪೈಕಿ 6 ಸ್ಥಾನಗಳಿಗೆ ಅವಿರೋಧ ಆಯ್ಕೆಯಾಗಿದ್ದು, ಉಳಿದ 12 ನಿರ್ದೇಶಕ ಸ್ಥಾನಗಳಿಗೆ ಅಂತಿಮವಾಗಿ 29 ಅಭ್ಯರ್ಥಿಗಳು ಕಣದಲ್ಲಿದ್ದಾರೆ. ಮೇ 28ರ ಬುಧವಾರ ಕೋಲಾರದ ಸರ್ಕಾರಿ ಪ್ರಥಮದರ್ಜೆ ಕಾಲೇಜಿನಲ್ಲಿ ಬೆಳಗ್ಗೆ 9 ಗಂಟೆಯಿಂದ ಸಂಜೆ 4 ಗಂಟೆಯವರೆಗೆ ಮತದಾನ ನಡೆಯಲಿದೆ. ಅದೇ ದಿನ ಸಂಜೆ ಮತ ಎಣಿಕೆ ನಡೆಯಲಿದ್ದು, ಫಲಿತಾಂಶ ಪ್ರಕಟವಾಗಲಿದೆ. ಚುನಾವಣಾಧಿಕಾರಿಗಳು ಅಗತ್ಯ ಸಿದ್ಧತೆ ಮಾಡಿಕೊಂಡಿದ್ದು, ಅವಿರೋಧವಾಗಿ ಆಯ್ಕೆಯಾದವರಿಗೆ ಪ್ರಮಾಣ ಪತ್ರ ವಿತರಿಸಲಾಯಿತು. ಅವಿರೋಧವಾಗಿ ಆಯ್ಕೆಯಾದ ನಿರ್ದೇಶಕರನ್ನು ಬೆಂಬಲಿಗರು ಅಭಿನಂದಿಸಿದರು.
ಜಿಲ್ಲಾ ಸಹಕಾರಿ ಕೇಂದ್ರ ಬ್ಯಾಂಕ್ (ಡಿಸಿಸಿ) ಆಡಳಿತ ಮಂಡಳಿ ಚುನಾವಣೆಗೆ ನಾಮಪತ್ರ ವಾಪಸ್ ಪಡೆಯುವ ಅವಧಿ ಮುಗಿದಿದೆ. ನಾಮಪತ್ರ ಸಲ್ಲಿಸಿದ್ದ ಮೂವರು ಶಾಸಕರು ಸೇರಿದಂತೆ ಆರು ಅಭ್ಯರ್ಥಿಗಳು ಅವಿರೋಧವಾಗಿ ಆಯ್ಕೆಯಾಗಿದ್ದಾರೆ. ಒಟ್ಟು 18 ಸ್ಥಾನಗಳ ಪೈಕಿ 6 ಸ್ಥಾನಗಳಿಗೆ ಅವಿರೋಧ ಆಯ್ಕೆಯಾಗಿದ್ದು, ಉಳಿದ 12 ನಿರ್ದೇಶಕ ಸ್ಥಾನಗಳಿಗೆ ಅಂತಿಮವಾಗಿ 29 ಅಭ್ಯರ್ಥಿಗಳು ಕಣದಲ್ಲಿದ್ದಾರೆ. ಮೇ 28ರ ಬುಧವಾರ ಕೋಲಾರದ ಸರ್ಕಾರಿ ಪ್ರಥಮದರ್ಜೆ ಕಾಲೇಜಿನಲ್ಲಿ ಬೆಳಗ್ಗೆ 9 ಗಂಟೆಯಿಂದ ಸಂಜೆ 4 ಗಂಟೆಯವರೆಗೆ ಮತದಾನ ನಡೆಯಲಿದೆ. ಅದೇ ದಿನ ಸಂಜೆ ಮತ ಎಣಿಕೆ ನಡೆಯಲಿದ್ದು, ಫಲಿತಾಂಶ ಪ್ರಕಟವಾಗಲಿದೆ. ಚುನಾವಣಾಧಿಕಾರಿಗಳು ಅಗತ್ಯ ಸಿದ್ಧತೆ ಮಾಡಿಕೊಂಡಿದ್ದು, ಅವಿರೋಧವಾಗಿ ಆಯ್ಕೆಯಾದವರಿಗೆ ಪ್ರಮಾಣ ಪತ್ರ ವಿತರಿಸಲಾಯಿತು. ಅವಿರೋಧವಾಗಿ ಆಯ್ಕೆಯಾದ ನಿರ್ದೇಶಕರನ್ನು ಬೆಂಬಲಿಗರು ಅಭಿನಂದಿಸಿದರು.
